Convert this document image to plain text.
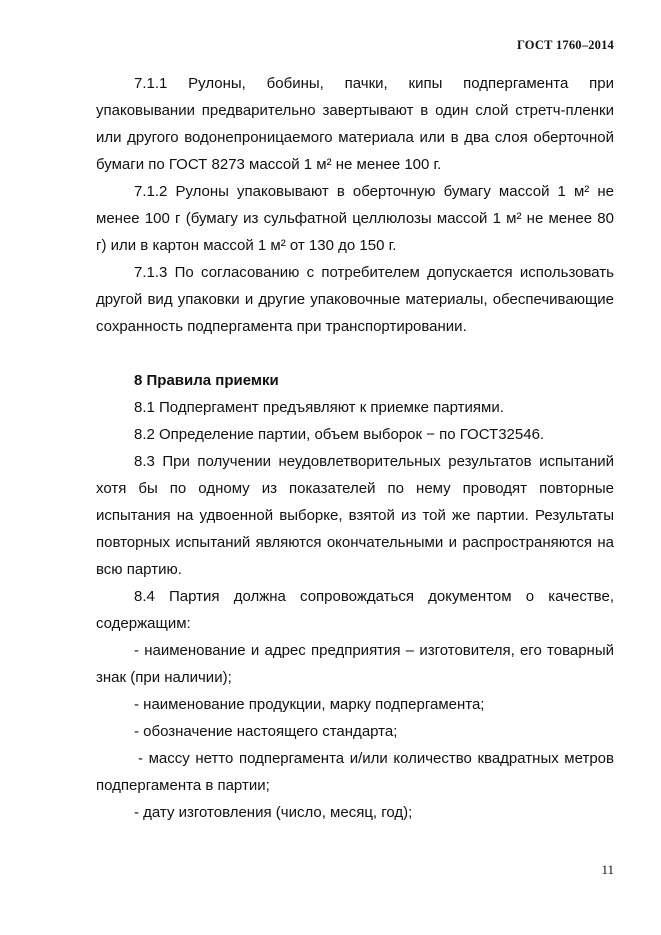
ГОСТ 1760–2014

7.1.1 Рулоны, бобины, пачки, кипы подпергамента при упаковывании предварительно завертывают в один слой стретч-пленки или другого водонепроницаемого материала или в два слоя оберточной бумаги по ГОСТ 8273 массой 1 м² не менее 100 г.

7.1.2 Рулоны упаковывают в оберточную бумагу массой 1 м² не менее 100 г (бумагу из сульфатной целлюлозы массой 1 м² не менее 80 г) или в картон массой 1 м² от 130 до 150 г.

7.1.3 По согласованию с потребителем допускается использовать другой вид упаковки и другие упаковочные материалы, обеспечивающие сохранность подпергамента при транспортировании.

8 Правила приемки

8.1 Подпергамент предъявляют к приемке партиями.

8.2 Определение партии, объем выборок − по ГОСТ32546.

8.3 При получении неудовлетворительных результатов испытаний хотя бы по одному из показателей по нему проводят повторные испытания на удвоенной выборке, взятой из той же партии. Результаты повторных испытаний являются окончательными и распространяются на всю партию.

8.4 Партия должна сопровождаться документом о качестве, содержащим:

- наименование и адрес предприятия – изготовителя, его товарный знак (при наличии);

- наименование продукции, марку подпергамента;

- обозначение настоящего стандарта;

- массу нетто подпергамента и/или количество квадратных метров подпергамента в партии;

- дату изготовления (число, месяц, год);

11
